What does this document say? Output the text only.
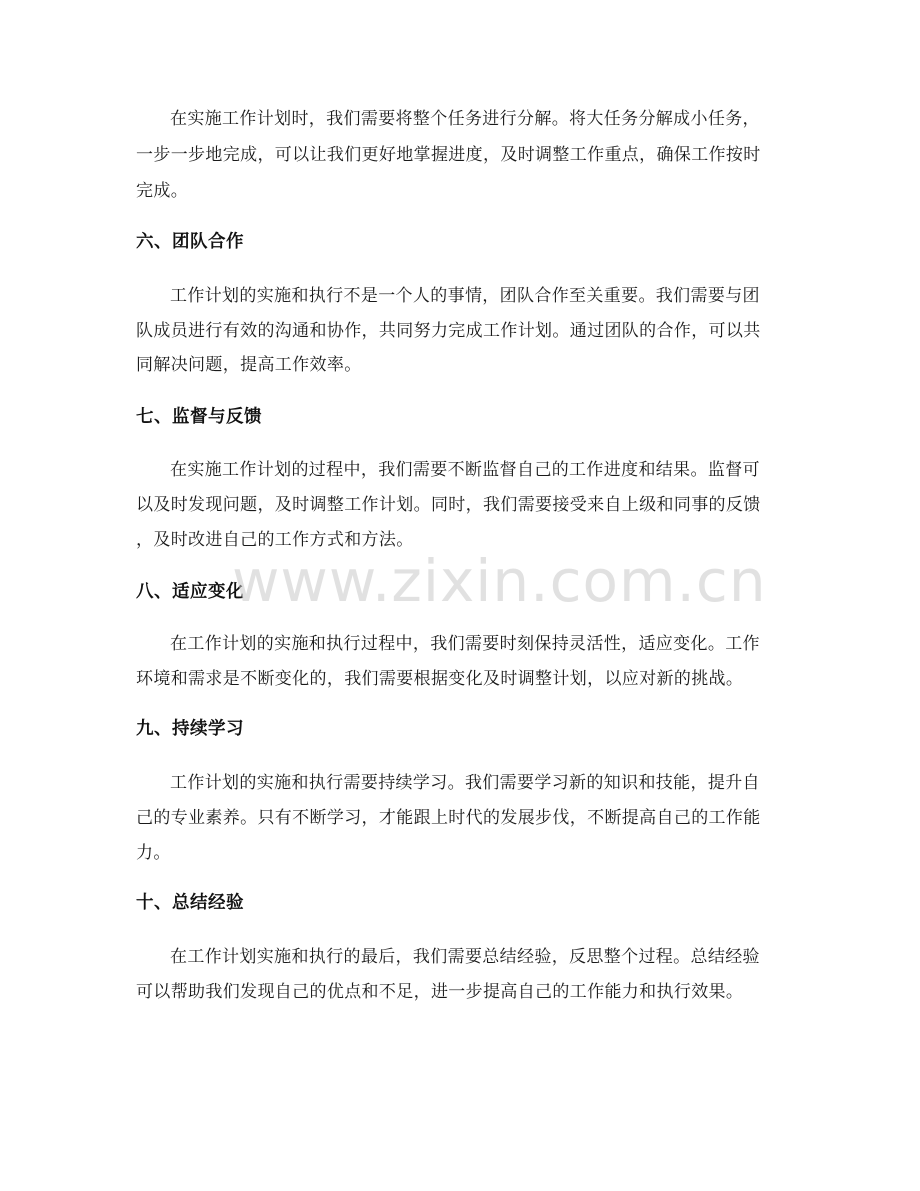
在实施工作计划时，我们需要将整个任务进行分解。将大任务分解成小任务，
一步一步地完成，可以让我们更好地掌握进度，及时调整工作重点，确保工作按时
完成。
六、团队合作
工作计划的实施和执行不是一个人的事情，团队合作至关重要。我们需要与团
队成员进行有效的沟通和协作，共同努力完成工作计划。通过团队的合作，可以共
同解决问题，提高工作效率。
七、监督与反馈
在实施工作计划的过程中，我们需要不断监督自己的工作进度和结果。监督可
以及时发现问题，及时调整工作计划。同时，我们需要接受来自上级和同事的反馈
，及时改进自己的工作方式和方法。
八、适应变化
在工作计划的实施和执行过程中，我们需要时刻保持灵活性，适应变化。工作
环境和需求是不断变化的，我们需要根据变化及时调整计划，以应对新的挑战。
九、持续学习
工作计划的实施和执行需要持续学习。我们需要学习新的知识和技能，提升自
己的专业素养。只有不断学习，才能跟上时代的发展步伐，不断提高自己的工作能
力。
十、总结经验
在工作计划实施和执行的最后，我们需要总结经验，反思整个过程。总结经验
可以帮助我们发现自己的优点和不足，进一步提高自己的工作能力和执行效果。
www.zixin.com.cn
